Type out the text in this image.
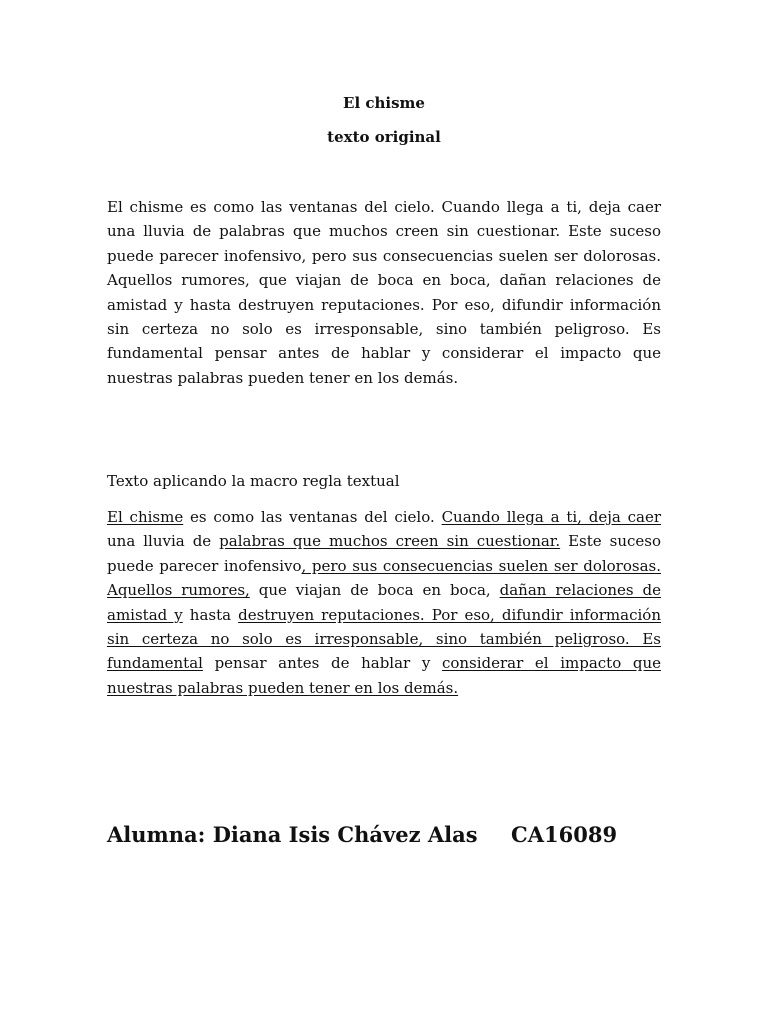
El chisme
texto original

El chisme es como las ventanas del cielo. Cuando llega a ti, deja caer una lluvia de palabras que muchos creen sin cuestionar. Este suceso puede parecer inofensivo, pero sus consecuencias suelen ser dolorosas. Aquellos rumores, que viajan de boca en boca, dañan relaciones de amistad y hasta destruyen reputaciones. Por eso, difundir información sin certeza no solo es irresponsable, sino también peligroso. Es fundamental pensar antes de hablar y considerar el impacto que nuestras palabras pueden tener en los demás.

Texto aplicando la macro regla textual

El chisme es como las ventanas del cielo. Cuando llega a ti, deja caer una lluvia de palabras que muchos creen sin cuestionar. Este suceso puede parecer inofensivo, pero sus consecuencias suelen ser dolorosas. Aquellos rumores, que viajan de boca en boca, dañan relaciones de amistad y hasta destruyen reputaciones. Por eso, difundir información sin certeza no solo es irresponsable, sino también peligroso. Es fundamental pensar antes de hablar y considerar el impacto que nuestras palabras pueden tener en los demás.

Alumna: Diana Isis Chávez Alas CA16089
